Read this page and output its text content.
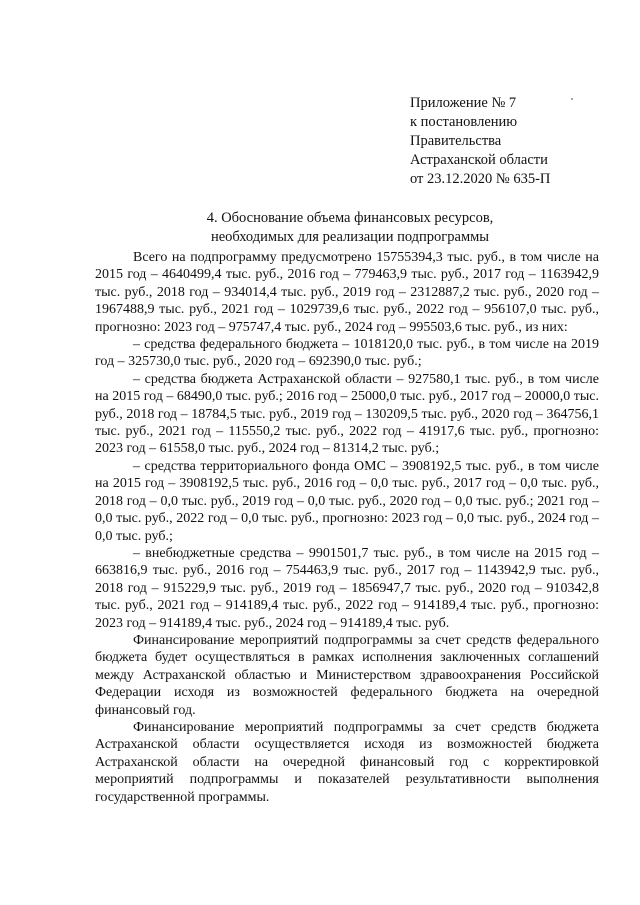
Приложение № 7
к постановлению
Правительства
Астраханской области
от 23.12.2020 № 635-П
4. Обоснование объема финансовых ресурсов,
необходимых для реализации подпрограммы

Всего на подпрограмму предусмотрено 15755394,3 тыс. руб., в том числе на 2015 год – 4640499,4 тыс. руб., 2016 год – 779463,9 тыс. руб., 2017 год – 1163942,9 тыс. руб., 2018 год – 934014,4 тыс. руб., 2019 год – 2312887,2 тыс. руб., 2020 год – 1967488,9 тыс. руб., 2021 год – 1029739,6 тыс. руб., 2022 год – 956107,0 тыс. руб., прогнозно: 2023 год – 975747,4 тыс. руб., 2024 год – 995503,6 тыс. руб., из них:

– средства федерального бюджета – 1018120,0 тыс. руб., в том числе на 2019 год – 325730,0 тыс. руб., 2020 год – 692390,0 тыс. руб.;

– средства бюджета Астраханской области – 927580,1 тыс. руб., в том числе на 2015 год – 68490,0 тыс. руб.; 2016 год – 25000,0 тыс. руб., 2017 год – 20000,0 тыс. руб., 2018 год – 18784,5 тыс. руб., 2019 год – 130209,5 тыс. руб., 2020 год – 364756,1 тыс. руб., 2021 год – 115550,2 тыс. руб., 2022 год – 41917,6 тыс. руб., прогнозно: 2023 год – 61558,0 тыс. руб., 2024 год – 81314,2 тыс. руб.;

– средства территориального фонда ОМС – 3908192,5 тыс. руб., в том числе на 2015 год – 3908192,5 тыс. руб., 2016 год – 0,0 тыс. руб., 2017 год – 0,0 тыс. руб., 2018 год – 0,0 тыс. руб., 2019 год – 0,0 тыс. руб., 2020 год – 0,0 тыс. руб.; 2021 год – 0,0 тыс. руб., 2022 год – 0,0 тыс. руб., прогнозно: 2023 год – 0,0 тыс. руб., 2024 год – 0,0 тыс. руб.;

– внебюджетные средства – 9901501,7 тыс. руб., в том числе на 2015 год – 663816,9 тыс. руб., 2016 год – 754463,9 тыс. руб., 2017 год – 1143942,9 тыс. руб., 2018 год – 915229,9 тыс. руб., 2019 год – 1856947,7 тыс. руб., 2020 год – 910342,8 тыс. руб., 2021 год – 914189,4 тыс. руб., 2022 год – 914189,4 тыс. руб., прогнозно: 2023 год – 914189,4 тыс. руб., 2024 год – 914189,4 тыс. руб.

Финансирование мероприятий подпрограммы за счет средств федерального бюджета будет осуществляться в рамках исполнения заключенных соглашений между Астраханской областью и Министерством здравоохранения Российской Федерации исходя из возможностей федерального бюджета на очередной финансовый год.

Финансирование мероприятий подпрограммы за счет средств бюджета Астраханской области осуществляется исходя из возможностей бюджета Астраханской области на очередной финансовый год с корректировкой мероприятий подпрограммы и показателей результативности выполнения государственной программы.
